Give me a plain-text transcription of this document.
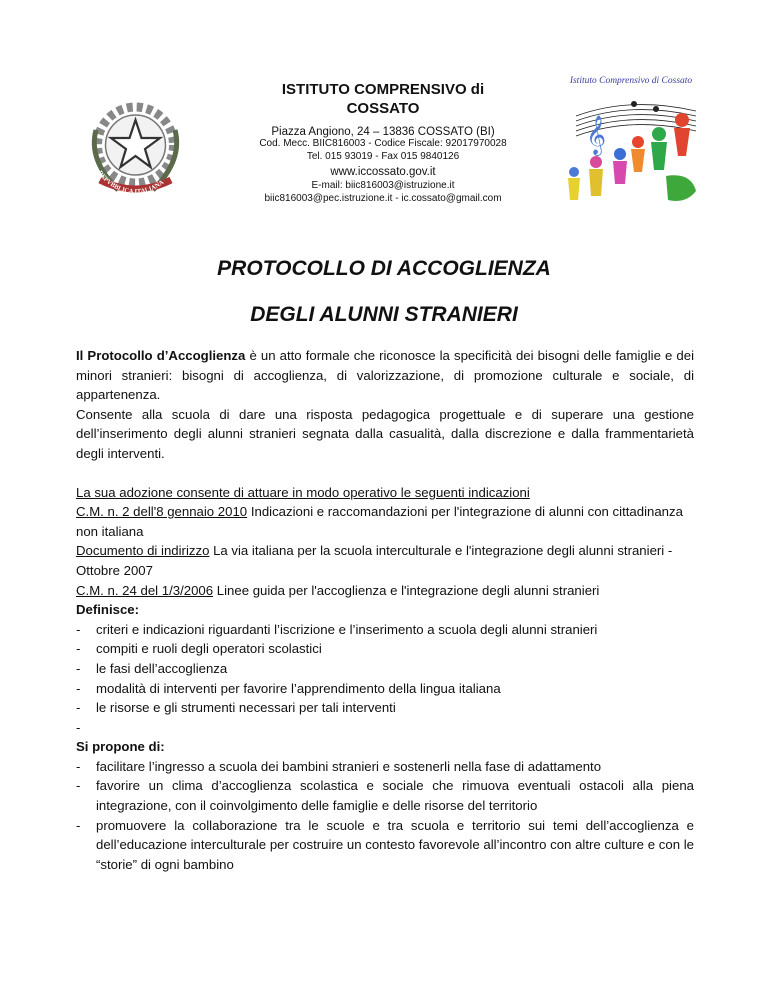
REPVBBLICA ITALIANA
ISTITUTO COMPRENSIVO di
COSSATO
Piazza Angiono, 24 – 13836 COSSATO (BI)
Cod. Mecc. BIIC816003 - Codice Fiscale: 92017970028
Tel. 015 93019 - Fax 015 9840126
www.iccossato.gov.it
E-mail: biic816003@istruzione.it
biic816003@pec.istruzione.it - ic.cossato@gmail.com
Istituto Comprensivo di Cossato
𝄞
PROTOCOLLO DI ACCOGLIENZA
DEGLI ALUNNI STRANIERI
Il Protocollo d’Accoglienza è un atto formale che riconosce la specificità dei bisogni delle famiglie e dei minori stranieri: bisogni di accoglienza, di valorizzazione, di promozione culturale e sociale, di appartenenza.
Consente alla scuola di dare una risposta pedagogica progettuale e di superare una gestione dell’inserimento degli alunni stranieri segnata dalla casualità, dalla discrezione e dalla frammentarietà degli interventi.
La sua adozione consente di attuare in modo operativo le seguenti indicazioni
C.M. n. 2 dell'8 gennaio 2010 Indicazioni e raccomandazioni per l'integrazione di alunni con cittadinanza non italiana
Documento di indirizzo La via italiana per la scuola interculturale e l'integrazione degli alunni stranieri - Ottobre 2007
C.M. n. 24 del 1/3/2006 Linee guida per l'accoglienza e l'integrazione degli alunni stranieri
Definisce:
- criteri e indicazioni riguardanti l’iscrizione e l’inserimento a scuola degli alunni stranieri
- compiti e ruoli degli operatori scolastici
- le fasi dell’accoglienza
- modalità di interventi per favorire l’apprendimento della lingua italiana
- le risorse e gli strumenti necessari per tali interventi
-
Si propone di:
- facilitare l’ingresso a scuola dei bambini stranieri e sostenerli nella fase di adattamento
- favorire un clima d’accoglienza scolastica e sociale che rimuova eventuali ostacoli alla piena integrazione, con il coinvolgimento delle famiglie e delle risorse del territorio
- promuovere la collaborazione tra le scuole e tra scuola e territorio sui temi dell’accoglienza e dell’educazione interculturale per costruire un contesto favorevole all’incontro con altre culture e con le “storie” di ogni bambino
